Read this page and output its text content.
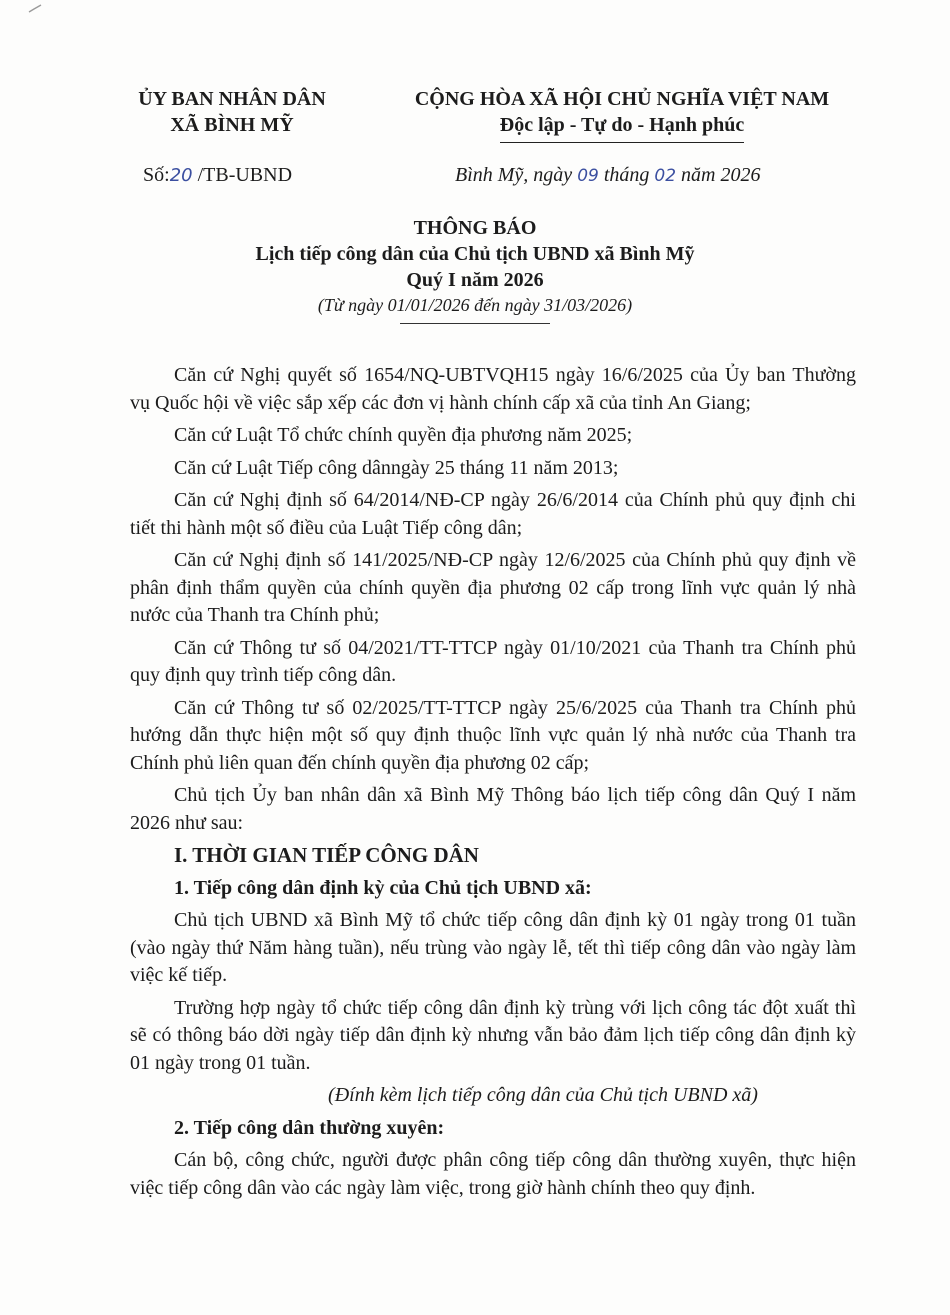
ỦY BAN NHÂN DÂN
XÃ BÌNH MỸ
CỘNG HÒA XÃ HỘI CHỦ NGHĨA VIỆT NAM
Độc lập - Tự do - Hạnh phúc
Số:20 /TB-UBND	Bình Mỹ, ngày 09 tháng 02 năm 2026
THÔNG BÁO
Lịch tiếp công dân của Chủ tịch UBND xã Bình Mỹ
Quý I năm 2026
(Từ ngày 01/01/2026 đến ngày 31/03/2026)

Căn cứ Nghị quyết số 1654/NQ-UBTVQH15 ngày 16/6/2025 của Ủy ban Thường vụ Quốc hội về việc sắp xếp các đơn vị hành chính cấp xã của tỉnh An Giang;

Căn cứ Luật Tổ chức chính quyền địa phương năm 2025;

Căn cứ Luật Tiếp công dânngày 25 tháng 11 năm 2013;

Căn cứ Nghị định số 64/2014/NĐ-CP ngày 26/6/2014 của Chính phủ quy định chi tiết thi hành một số điều của Luật Tiếp công dân;

Căn cứ Nghị định số 141/2025/NĐ-CP ngày 12/6/2025 của Chính phủ quy định về phân định thẩm quyền của chính quyền địa phương 02 cấp trong lĩnh vực quản lý nhà nước của Thanh tra Chính phủ;

Căn cứ Thông tư số 04/2021/TT-TTCP ngày 01/10/2021 của Thanh tra Chính phủ quy định quy trình tiếp công dân.

Căn cứ Thông tư số 02/2025/TT-TTCP ngày 25/6/2025 của Thanh tra Chính phủ hướng dẫn thực hiện một số quy định thuộc lĩnh vực quản lý nhà nước của Thanh tra Chính phủ liên quan đến chính quyền địa phương 02 cấp;

Chủ tịch Ủy ban nhân dân xã Bình Mỹ Thông báo lịch tiếp công dân Quý I năm 2026 như sau:

I. THỜI GIAN TIẾP CÔNG DÂN

1. Tiếp công dân định kỳ của Chủ tịch UBND xã:

Chủ tịch UBND xã Bình Mỹ tổ chức tiếp công dân định kỳ 01 ngày trong 01 tuần (vào ngày thứ Năm hàng tuần), nếu trùng vào ngày lễ, tết thì tiếp công dân vào ngày làm việc kế tiếp.

Trường hợp ngày tổ chức tiếp công dân định kỳ trùng với lịch công tác đột xuất thì sẽ có thông báo dời ngày tiếp dân định kỳ nhưng vẫn bảo đảm lịch tiếp công dân định kỳ 01 ngày trong 01 tuần.

(Đính kèm lịch tiếp công dân của Chủ tịch UBND xã)

2. Tiếp công dân thường xuyên:

Cán bộ, công chức, người được phân công tiếp công dân thường xuyên, thực hiện việc tiếp công dân vào các ngày làm việc, trong giờ hành chính theo quy định.
